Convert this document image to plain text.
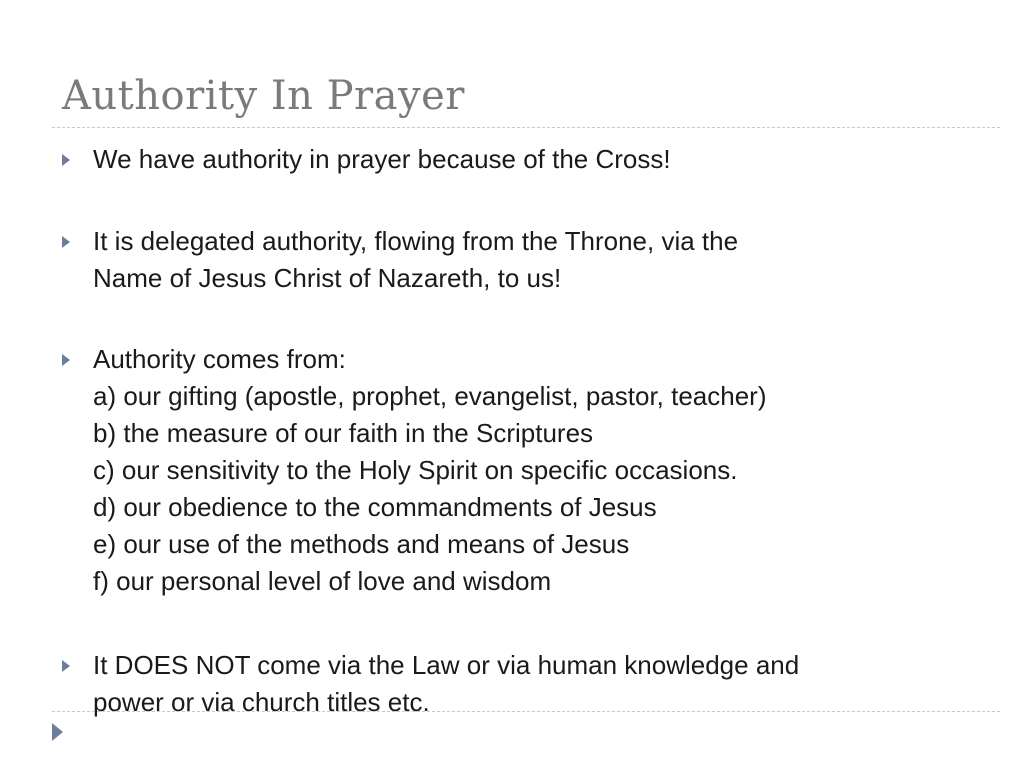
Authority In Prayer
We have authority in prayer because of the Cross!
It is delegated authority, flowing from the Throne, via the
Name of Jesus Christ of Nazareth, to us!
Authority comes from:
a) our gifting (apostle, prophet, evangelist, pastor, teacher)
b) the measure of our faith in the Scriptures
c) our sensitivity to the Holy Spirit on specific occasions.
d) our obedience to the commandments of Jesus
e) our use of the methods and means of Jesus
f) our personal level of love and wisdom
It DOES NOT come via the Law or via human knowledge and
power or via church titles etc.
